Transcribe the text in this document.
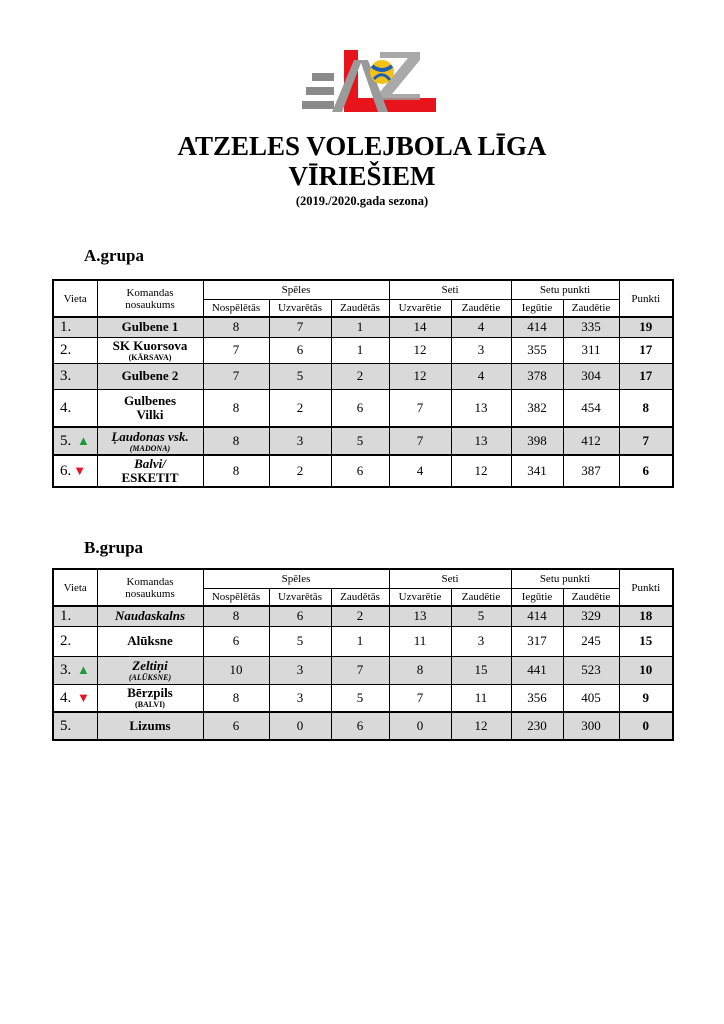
ATZELES VOLEJBOLA LĪGA
VĪRIEŠIEM
(2019./2020.gada sezona)
A.grupa
Vieta	Komandas
nosaukums	Spēles			Seti		Setu punkti		Punkti
		Nospēlētās	Uzvarētās	Zaudētās	Uzvarētie	Zaudētie	Iegūtie	Zaudētie	
1.	Gulbene 1	8	7	1	14	4	414	335	19
2.	SK Kuorsova
(KĀRSAVA)	7	6	1	12	3	355	311	17
3.	Gulbene 2	7	5	2	12	4	378	304	17
4.	Gulbenes
Vilki	8	2	6	7	13	382	454	8
5. ▲	Ļaudonas vsk.
(MADONA)	8	3	5	7	13	398	412	7
6. ▼	Balvi/
ESKETIT	8	2	6	4	12	341	387	6
B.grupa
Vieta	Komandas
nosaukums	Spēles			Seti		Setu punkti		Punkti
		Nospēlētās	Uzvarētās	Zaudētās	Uzvarētie	Zaudētie	Iegūtie	Zaudētie	
1.	Naudaskalns	8	6	2	13	5	414	329	18
2.	Alūksne	6	5	1	11	3	317	245	15
3. ▲	Zeltiņi
(ALŪKSNE)	10	3	7	8	15	441	523	10
4. ▼	Bērzpils
(BALVI)	8	3	5	7	11	356	405	9
5.	Lizums	6	0	6	0	12	230	300	0
